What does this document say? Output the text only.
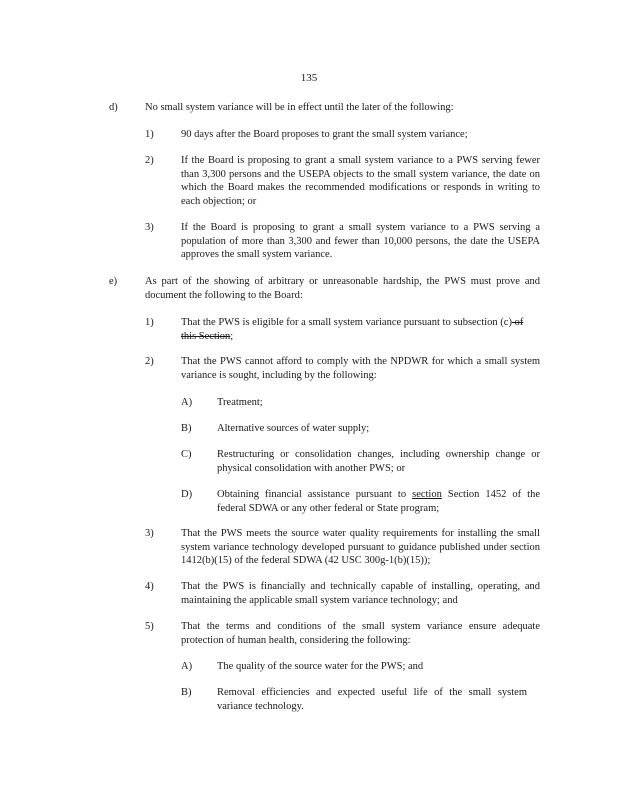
135
d)	No small system variance will be in effect until the later of the following:
1)	90 days after the Board proposes to grant the small system variance;
2)	If the Board is proposing to grant a small system variance to a PWS serving fewer than 3,300 persons and the USEPA objects to the small system variance, the date on which the Board makes the recommended modifications or responds in writing to each objection; or
3)	If the Board is proposing to grant a small system variance to a PWS serving a population of more than 3,300 and fewer than 10,000 persons, the date the USEPA approves the small system variance.
e)	As part of the showing of arbitrary or unreasonable hardship, the PWS must prove and document the following to the Board:
1)	That the PWS is eligible for a small system variance pursuant to subsection (c) of this Section;
2)	That the PWS cannot afford to comply with the NPDWR for which a small system variance is sought, including by the following:
A) Treatment;
B) Alternative sources of water supply;
C) Restructuring or consolidation changes, including ownership change or physical consolidation with another PWS; or
D) Obtaining financial assistance pursuant to section Section 1452 of the federal SDWA or any other federal or State program;
3)	That the PWS meets the source water quality requirements for installing the small system variance technology developed pursuant to guidance published under section 1412(b)(15) of the federal SDWA (42 USC 300g-1(b)(15));
4)	That the PWS is financially and technically capable of installing, operating, and maintaining the applicable small system variance technology; and
5)	That the terms and conditions of the small system variance ensure adequate protection of human health, considering the following:
A) The quality of the source water for the PWS; and
B) Removal efficiencies and expected useful life of the small system variance technology.
